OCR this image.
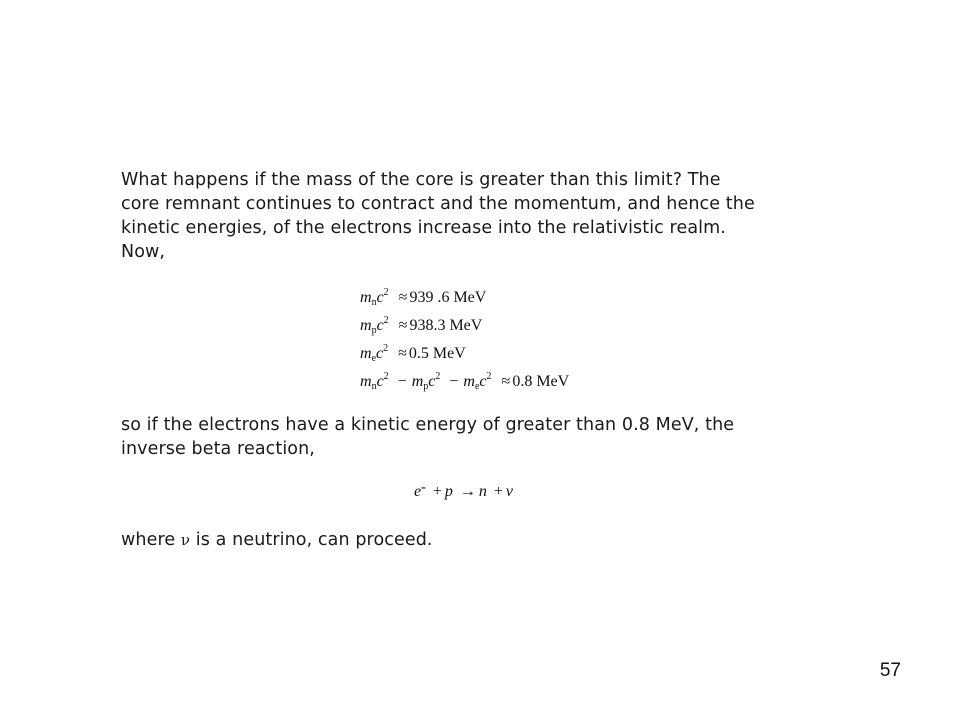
What happens if the mass of the core is greater than this limit? The
core remnant continues to contract and the momentum, and hence the
kinetic energies, of the electrons increase into the relativistic realm.
Now,

$m_nc^2 \approx 939$ .6 MeV
$m_pc^2 \approx 938.3$ MeV
$m_ec^2 \approx 0.5$ MeV
$m_nc^2 - m_pc^2 - m_ec^2 \approx 0.8$ MeV

so if the electrons have a kinetic energy of greater than 0.8 MeV, the
inverse beta reaction,

e- + p → n + ν

where ν is a neutrino, can proceed.

57
